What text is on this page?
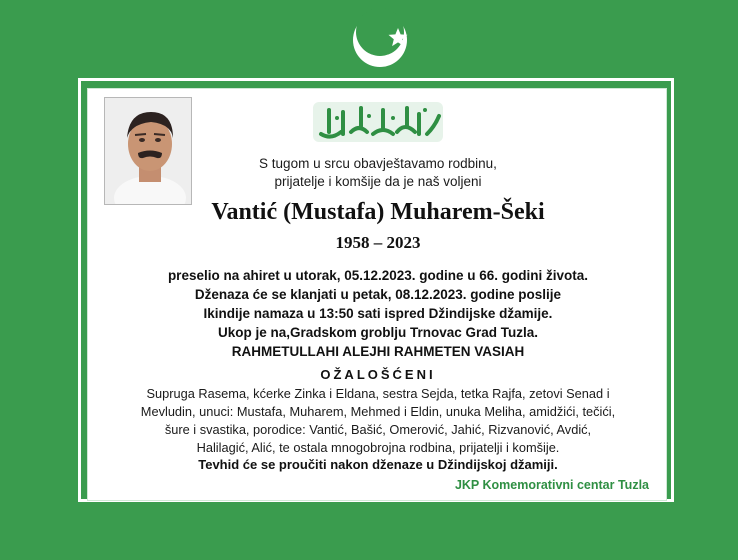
S tugom u srcu obavještavamo rodbinu,
prijatelje i komšije da je naš voljeni
Vantić (Mustafa) Muharem-Šeki
1958 – 2023
preselio na ahiret u utorak, 05.12.2023. godine u 66. godini života.
Dženaza će se klanjati u petak, 08.12.2023. godine poslije
Ikindije namaza u 13:50 sati ispred Džindijske džamije.
Ukop je na,Gradskom groblju Trnovac Grad Tuzla.
RAHMETULLAHI ALEJHI RAHMETEN VASIAH
OŽALOŠĆENI
Supruga Rasema, kćerke Zinka i Eldana, sestra Sejda, tetka Rajfa, zetovi Senad i
Mevludin, unuci: Mustafa, Muharem, Mehmed i Eldin, unuka Meliha, amidžići, tečići,
šure i svastika, porodice: Vantić, Bašić, Omerović, Jahić, Rizvanović, Avdić,
Halilagić, Alić, te ostala mnogobrojna rodbina, prijatelji i komšije.
Tevhid će se proučiti nakon dženaze u Džindijskoj džamiji.
JKP Komemorativni centar Tuzla
